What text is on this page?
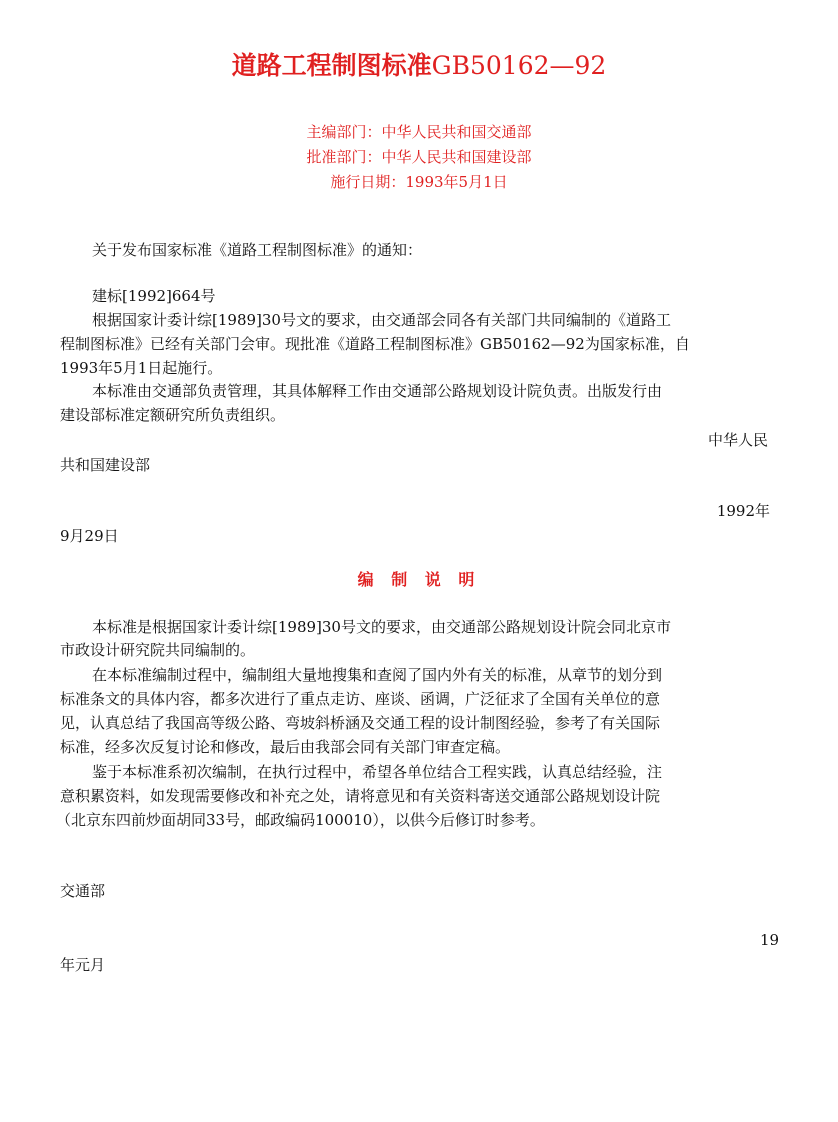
道路工程制图标准GB50162—92
主编部门：中华人民共和国交通部
批准部门：中华人民共和国建设部
施行日期：1993年5月1日
关于发布国家标准《道路工程制图标准》的通知：
建标[1992]664号
根据国家计委计综[1989]30号文的要求，由交通部会同各有关部门共同编制的《道路工
程制图标准》已经有关部门会审。现批准《道路工程制图标准》GB50162—92为国家标准，自
1993年5月1日起施行。
本标准由交通部负责管理，其具体解释工作由交通部公路规划设计院负责。出版发行由
建设部标准定额研究所负责组织。
中华人民
共和国建设部
1992年
9月29日
编 制 说 明
本标准是根据国家计委计综[1989]30号文的要求，由交通部公路规划设计院会同北京市
市政设计研究院共同编制的。
在本标准编制过程中，编制组大量地搜集和查阅了国内外有关的标准，从章节的划分到
标准条文的具体内容，都多次进行了重点走访、座谈、函调，广泛征求了全国有关单位的意
见，认真总结了我国高等级公路、弯坡斜桥涵及交通工程的设计制图经验，参考了有关国际
标准，经多次反复讨论和修改，最后由我部会同有关部门审查定稿。
鉴于本标准系初次编制，在执行过程中，希望各单位结合工程实践，认真总结经验，注
意积累资料，如发现需要修改和补充之处，请将意见和有关资料寄送交通部公路规划设计院
（北京东四前炒面胡同33号，邮政编码100010），以供今后修订时参考。
交通部
19
年元月
